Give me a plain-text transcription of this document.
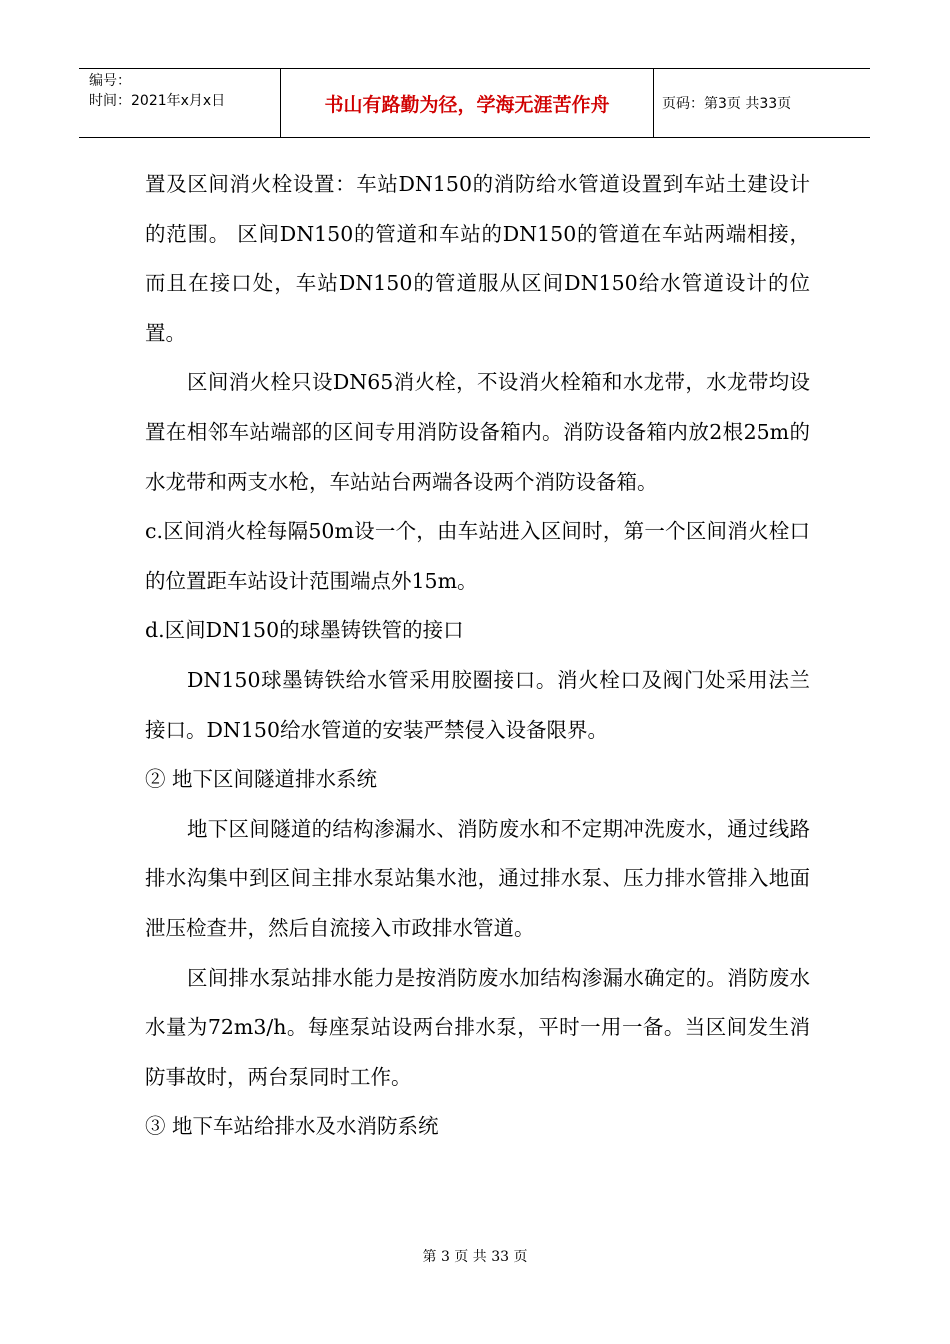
编号：
时间：2021年x月x日	书山有路勤为径，学海无涯苦作舟	页码：第3页 共33页

置及区间消火栓设置：车站DN150的消防给水管道设置到车站土建设计的范围。 区间DN150的管道和车站的DN150的管道在车站两端相接，而且在接口处，车站DN150的管道服从区间DN150给水管道设计的位置。

区间消火栓只设DN65消火栓，不设消火栓箱和水龙带，水龙带均设置在相邻车站端部的区间专用消防设备箱内。消防设备箱内放2根25m的水龙带和两支水枪，车站站台两端各设两个消防设备箱。

c.区间消火栓每隔50m设一个，由车站进入区间时，第一个区间消火栓口的位置距车站设计范围端点外15m。

d.区间DN150的球墨铸铁管的接口

DN150球墨铸铁给水管采用胶圈接口。消火栓口及阀门处采用法兰接口。DN150给水管道的安装严禁侵入设备限界。

② 地下区间隧道排水系统

地下区间隧道的结构渗漏水、消防废水和不定期冲洗废水，通过线路排水沟集中到区间主排水泵站集水池，通过排水泵、压力排水管排入地面泄压检查井，然后自流接入市政排水管道。

区间排水泵站排水能力是按消防废水加结构渗漏水确定的。消防废水水量为72m3/h。每座泵站设两台排水泵，平时一用一备。当区间发生消防事故时，两台泵同时工作。

③ 地下车站给排水及水消防系统

第 3 页 共 33 页
